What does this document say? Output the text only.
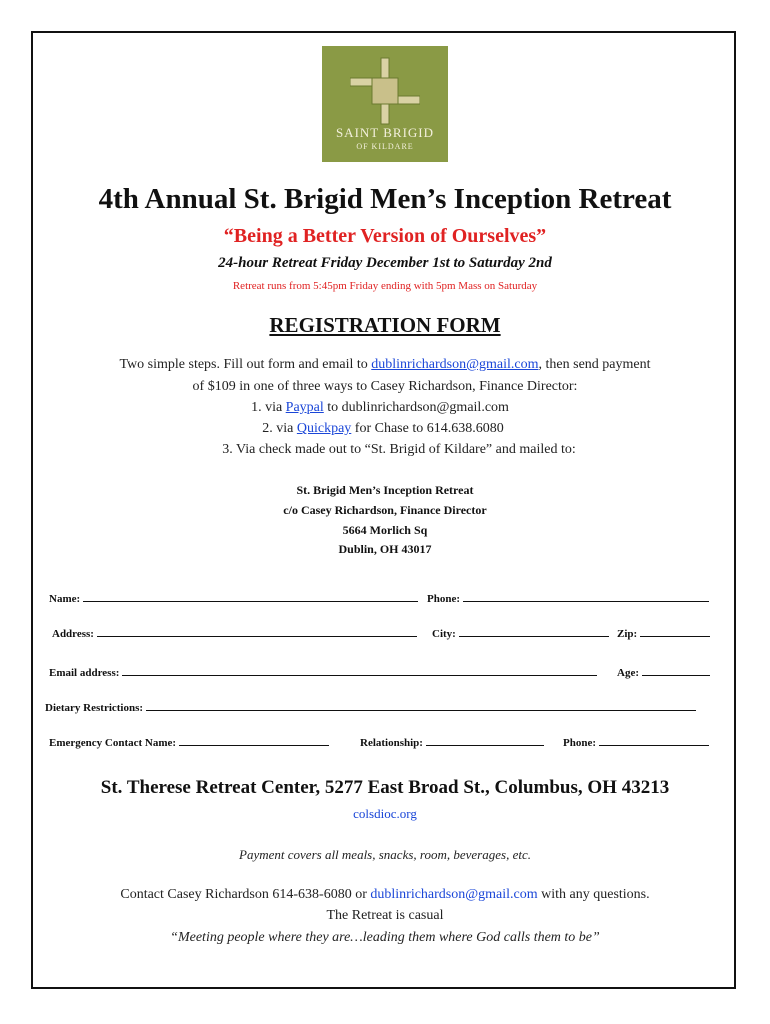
SAINT BRIGID
OF KILDARE
4th Annual St. Brigid Men’s Inception Retreat
“Being a Better Version of Ourselves”
24-hour Retreat Friday December 1st to Saturday 2nd
Retreat runs from 5:45pm Friday ending with 5pm Mass on Saturday
REGISTRATION FORM
Two simple steps. Fill out form and email to dublinrichardson@gmail.com, then send payment
of $109 in one of three ways to Casey Richardson, Finance Director:
1. via Paypal to dublinrichardson@gmail.com
2. via Quickpay for Chase to 614.638.6080
3. Via check made out to “St. Brigid of Kildare” and mailed to:
St. Brigid Men’s Inception Retreat
c/o Casey Richardson, Finance Director
5664 Morlich Sq
Dublin, OH 43017
Name:	Phone:
Address:	City:	Zip:
Email address:	Age:
Dietary Restrictions:
Emergency Contact Name:	Relationship:	Phone:
St. Therese Retreat Center, 5277 East Broad St., Columbus, OH 43213
colsdioc.org
Payment covers all meals, snacks, room, beverages, etc.
Contact Casey Richardson 614-638-6080 or dublinrichardson@gmail.com with any questions.
The Retreat is casual
“Meeting people where they are…leading them where God calls them to be”
